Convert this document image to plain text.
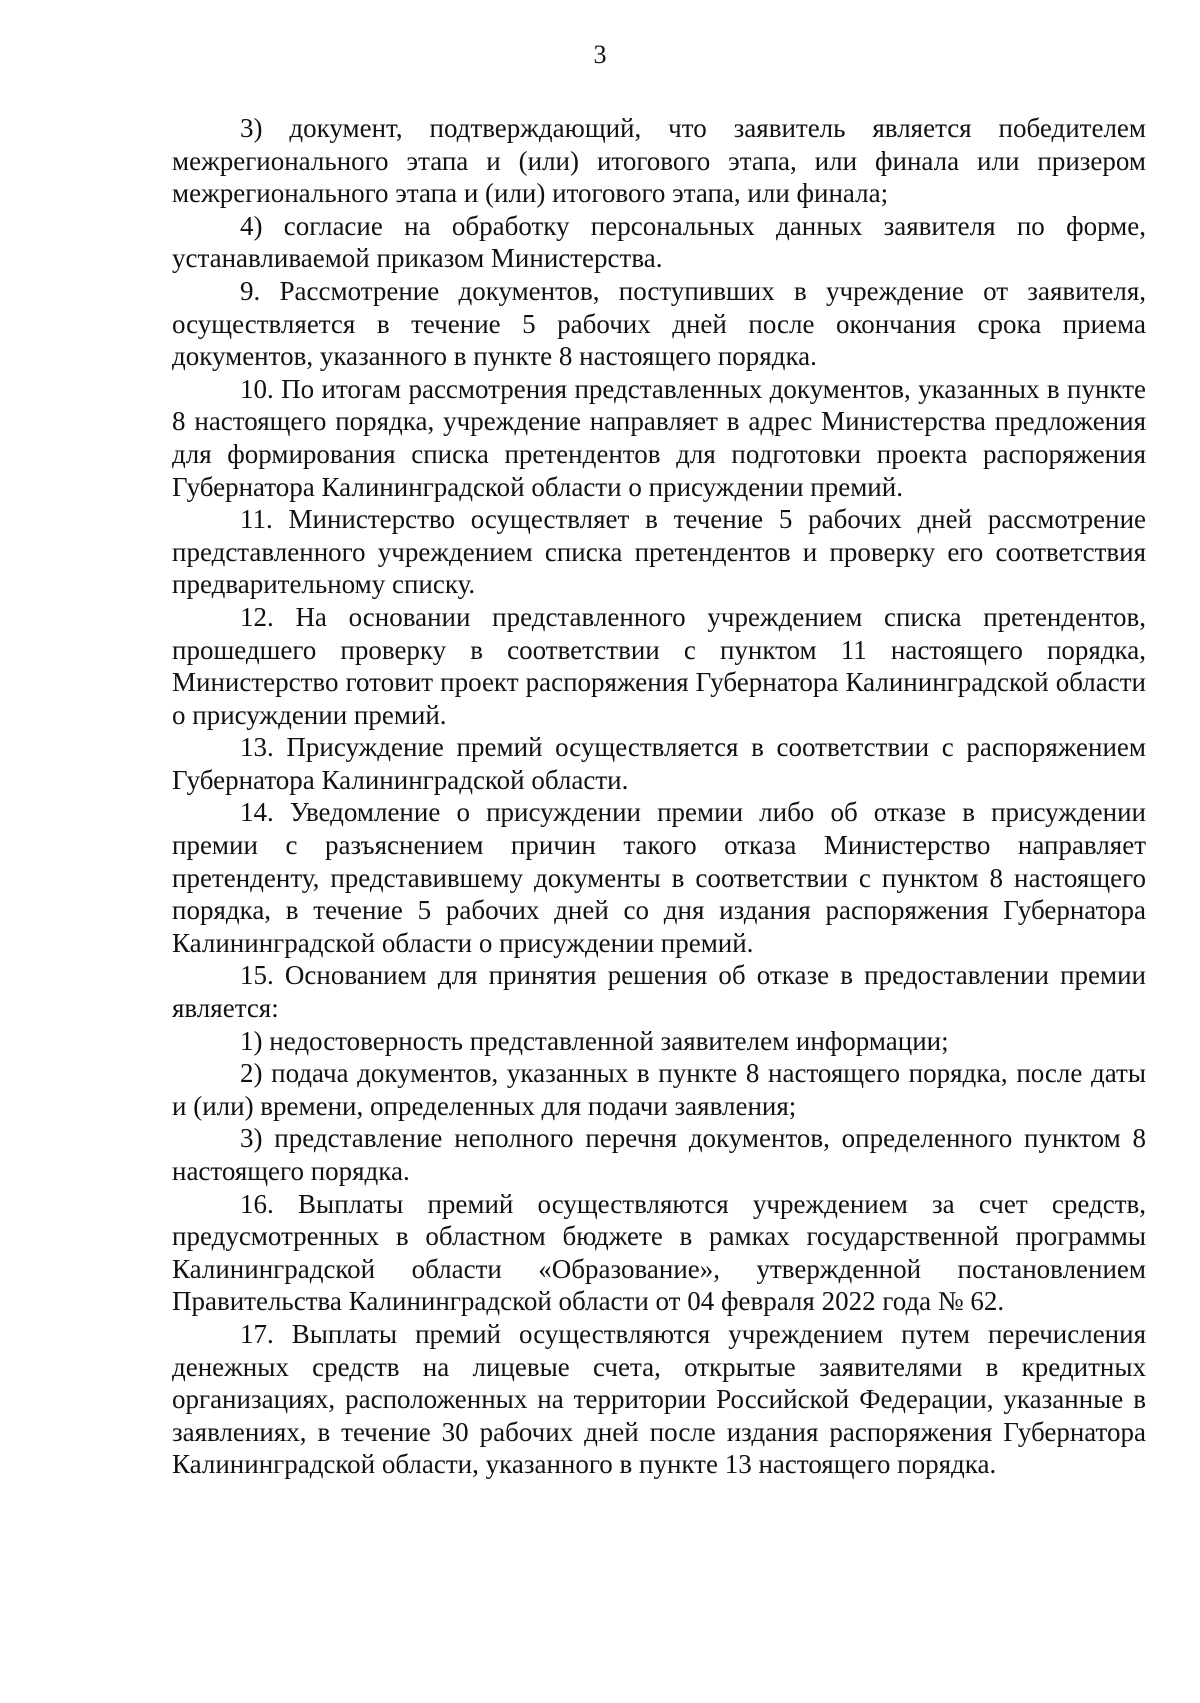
3

3) документ, подтверждающий, что заявитель является победителем межрегионального этапа и (или) итогового этапа, или финала или призером межрегионального этапа и (или) итогового этапа, или финала;

4) согласие на обработку персональных данных заявителя по форме, устанавливаемой приказом Министерства.

9. Рассмотрение документов, поступивших в учреждение от заявителя, осуществляется в течение 5 рабочих дней после окончания срока приема документов, указанного в пункте 8 настоящего порядка.

10. По итогам рассмотрения представленных документов, указанных в пункте 8 настоящего порядка, учреждение направляет в адрес Министерства предложения для формирования списка претендентов для подготовки проекта распоряжения Губернатора Калининградской области о присуждении премий.

11. Министерство осуществляет в течение 5 рабочих дней рассмотрение представленного учреждением списка претендентов и проверку его соответствия предварительному списку.

12. На основании представленного учреждением списка претендентов, прошедшего проверку в соответствии с пунктом 11 настоящего порядка, Министерство готовит проект распоряжения Губернатора Калининградской области о присуждении премий.

13. Присуждение премий осуществляется в соответствии с распоряжением Губернатора Калининградской области.

14. Уведомление о присуждении премии либо об отказе в присуждении премии с разъяснением причин такого отказа Министерство направляет претенденту, представившему документы в соответствии с пунктом 8 настоящего порядка, в течение 5 рабочих дней со дня издания распоряжения Губернатора Калининградской области о присуждении премий.

15. Основанием для принятия решения об отказе в предоставлении премии является:

1) недостоверность представленной заявителем информации;

2) подача документов, указанных в пункте 8 настоящего порядка, после даты и (или) времени, определенных для подачи заявления;

3) представление неполного перечня документов, определенного пунктом 8 настоящего порядка.

16. Выплаты премий осуществляются учреждением за счет средств, предусмотренных в областном бюджете в рамках государственной программы Калининградской области «Образование», утвержденной постановлением Правительства Калининградской области от 04 февраля 2022 года № 62.

17. Выплаты премий осуществляются учреждением путем перечисления денежных средств на лицевые счета, открытые заявителями в кредитных организациях, расположенных на территории Российской Федерации, указанные в заявлениях, в течение 30 рабочих дней после издания распоряжения Губернатора Калининградской области, указанного в пункте 13 настоящего порядка.
